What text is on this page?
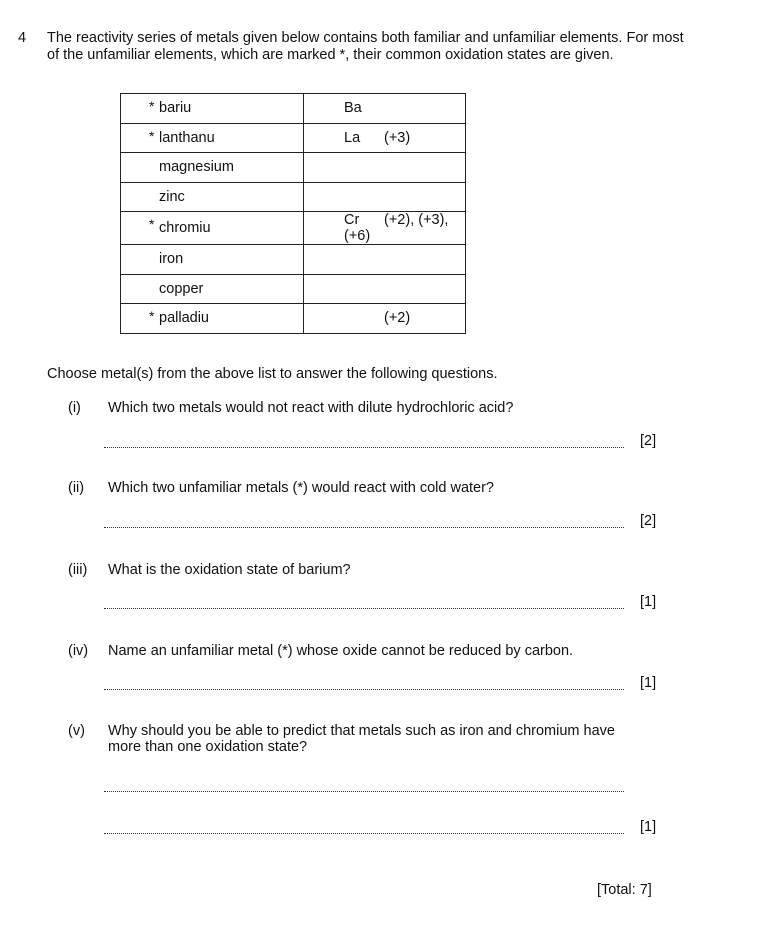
4 The reactivity series of metals given below contains both familiar and unfamiliar elements. For most of the unfamiliar elements, which are marked *, their common oxidation states are given.
* bariu	Ba

* lanthanu	La (+3)

magnesium	

zinc	

* chromiu	Cr (+2), (+3), (+6)

iron	

copper	

* palladiu	(+2)
Choose metal(s) from the above list to answer the following questions.
(i)	Which two metals would not react with dilute hydrochloric acid?
[2]
(ii)	Which two unfamiliar metals (*) would react with cold water?
[2]
(iii)	What is the oxidation state of barium?
[1]
(iv)	Name an unfamiliar metal (*) whose oxide cannot be reduced by carbon.
[1]
(v)	Why should you be able to predict that metals such as iron and chromium have more than one oxidation state?
[1]
[Total: 7]
